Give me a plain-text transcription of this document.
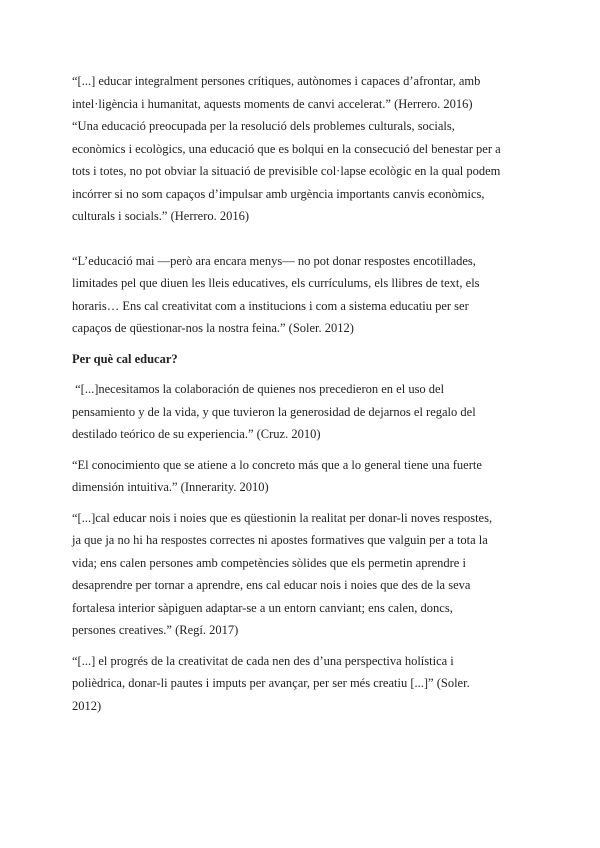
“[...] educar integralment persones crítiques, autònomes i capaces d’afrontar, amb
intel·ligència i humanitat, aquests moments de canvi accelerat.” (Herrero. 2016)

“Una educació preocupada per la resolució dels problemes culturals, socials,
econòmics i ecològics, una educació que es bolqui en la consecució del benestar per a
tots i totes, no pot obviar la situació de previsible col·lapse ecològic en la qual podem
incórrer si no som capaços d’impulsar amb urgència importants canvis econòmics,
culturals i socials.” (Herrero. 2016)

“L’educació mai —però ara encara menys— no pot donar respostes encotillades,
limitades pel que diuen les lleis educatives, els currículums, els llibres de text, els
horaris… Ens cal creativitat com a institucions i com a sistema educatiu per ser
capaços de qüestionar-nos la nostra feina.” (Soler. 2012)

Per què cal educar?

“[...]necesitamos la colaboración de quienes nos precedieron en el uso del
pensamiento y de la vida, y que tuvieron la generosidad de dejarnos el regalo del
destilado teórico de su experiencia.” (Cruz. 2010)

“El conocimiento que se atiene a lo concreto más que a lo general tiene una fuerte
dimensión intuitiva.” (Innerarity. 2010)

“[...]cal educar nois i noies que es qüestionin la realitat per donar-li noves respostes,
ja que ja no hi ha respostes correctes ni apostes formatives que valguin per a tota la
vida; ens calen persones amb competències sòlides que els permetin aprendre i
desaprendre per tornar a aprendre, ens cal educar nois i noies que des de la seva
fortalesa interior sàpiguen adaptar-se a un entorn canviant; ens calen, doncs,
persones creatives.” (Regí. 2017)

“[...] el progrés de la creativitat de cada nen des d’una perspectiva holística i
polièdrica, donar-li pautes i imputs per avançar, per ser més creatiu [...]” (Soler.
2012)
